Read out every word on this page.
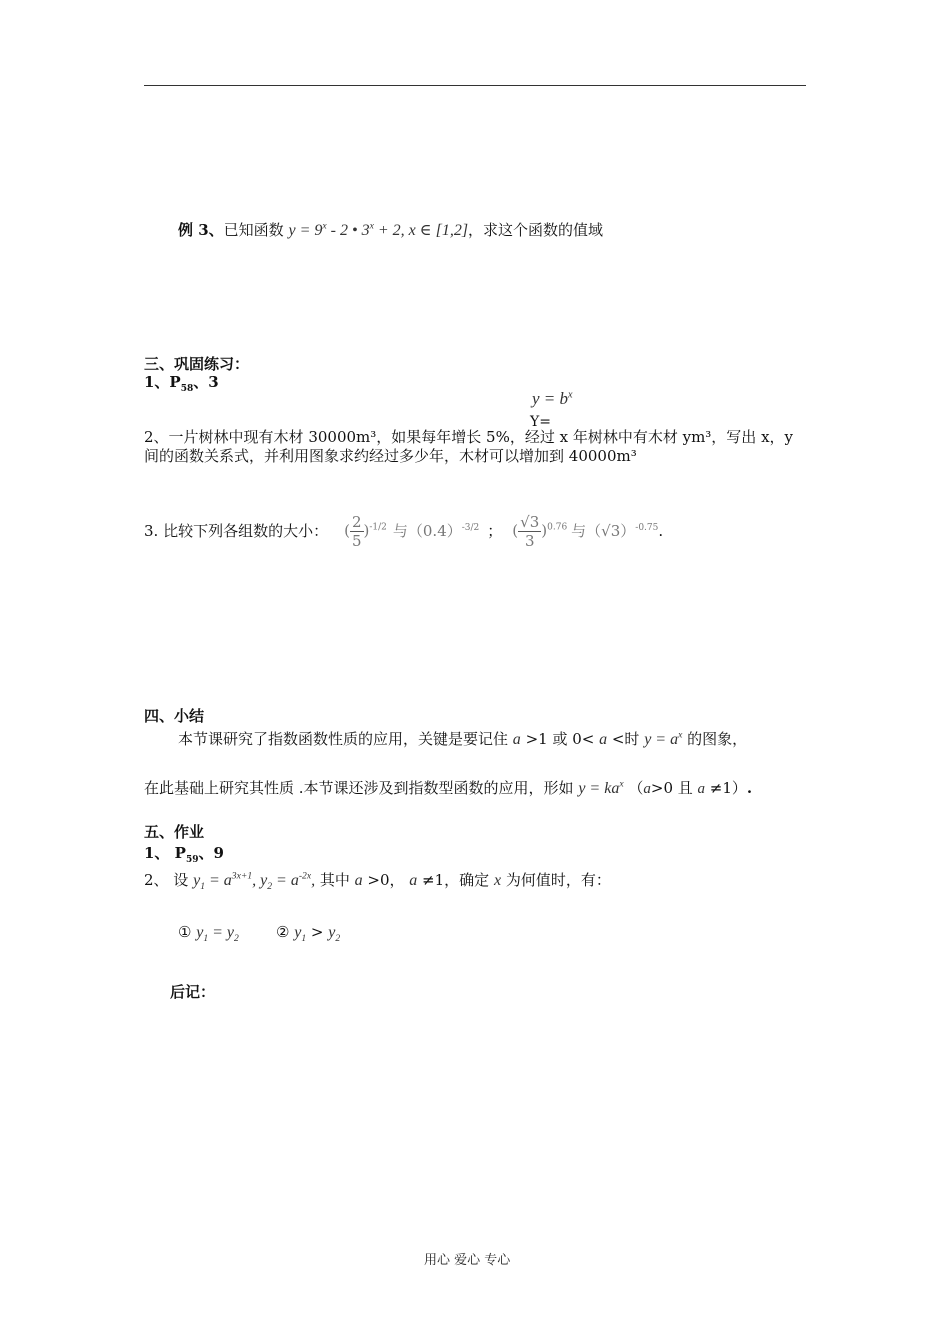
例 3、已知函数 $y = 9^x - 2$ • $3^x + 2$, x ∈ [1,2]，求这个函数的值域
三、巩固练习：
1、$P_{58}$、3
$y = b^x$
Y=
2、一片树林中现有木材 30000m³，如果每年增长 5%，经过 x 年树林中有木材 ym³，写出 x，y
间的函数关系式，并利用图象求约经过多少年，木材可以增加到 40000m³
3. 比较下列各组数的大小： ( $\frac{2}{5} )^{-1/2}$ 与$(0.4)^{-3/2}$ ； ( $\frac{√3}{3} )^{0.76}$ 与$(√3)^{-0.75}$ .
四、小结
本节课研究了指数函数性质的应用，关键是要记住 a >1 或 0< a <时 $y = a^x$ 的图象，
在此基础上研究其性质 .本节课还涉及到指数型函数的应用，形如 $y = ka^x$ （a>0 且 a ≠1）.
五、作业
1、 $P_{59}$、9
2、 设 $y_1 = a^{3x+1}$, $y_2 = a^{-2x}$, 其中 a >0， a ≠1，确定 x 为何值时，有：
① $y_1 = y_2$ ② $y_1 > y_2$
后记：
用心 爱心 专心
